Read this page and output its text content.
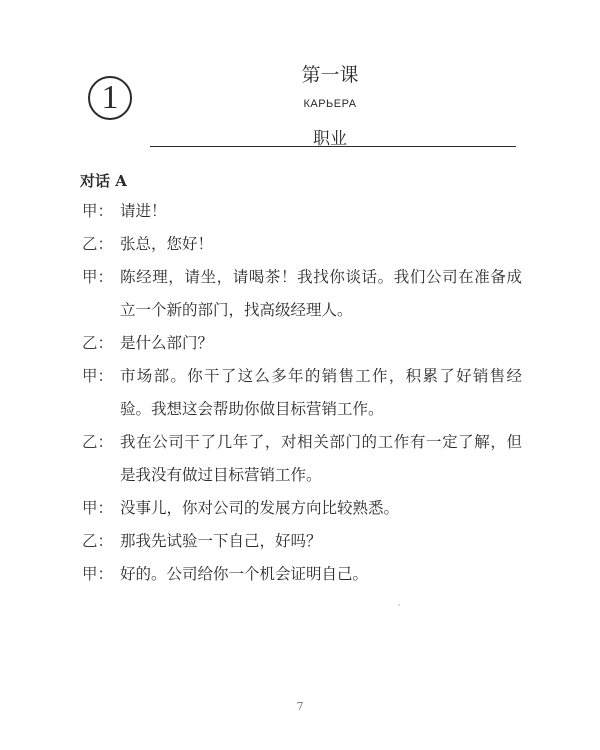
1
第一课
КАРЬЕРА
职业
对话 A
甲： 请进！
乙： 张总，您好！
甲： 陈经理，请坐，请喝茶！我找你谈话。我们公司在准备成立一个新的部门，找高级经理人。
乙： 是什么部门？
甲： 市场部。你干了这么多年的销售工作，积累了好销售经验。我想这会帮助你做目标营销工作。
乙： 我在公司干了几年了，对相关部门的工作有一定了解，但是我没有做过目标营销工作。
甲： 没事儿，你对公司的发展方向比较熟悉。
乙： 那我先试验一下自己，好吗？
甲： 好的。公司给你一个机会证明自己。
7
